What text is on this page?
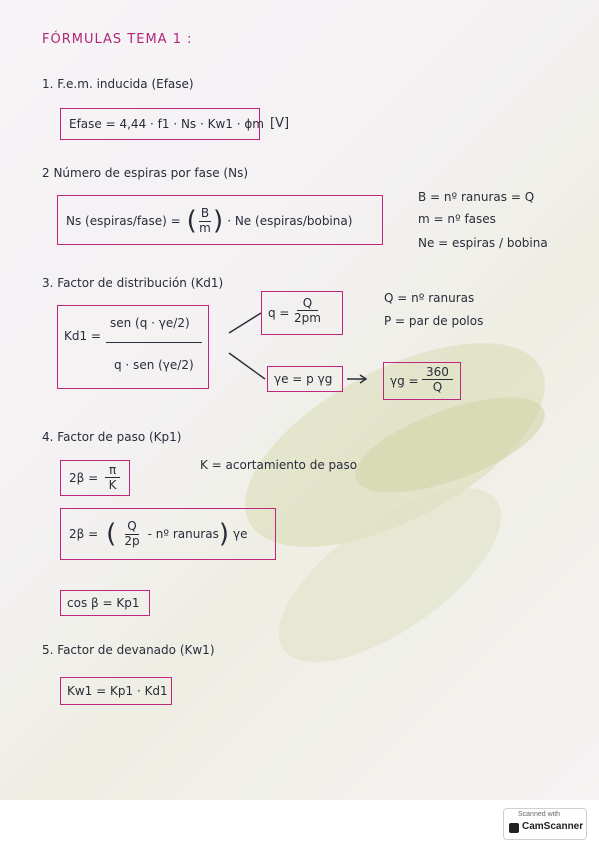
FÓRMULAS TEMA 1 :
1. F.e.m. inducida (Efase)
Efase = 4,44 · f1 · Ns · Kw1 · ϕm [V]
2 Número de espiras por fase (Ns)
Ns (espiras/fase) = ( $\frac{B}{m}$ ) · Ne (espiras/bobina)
B = nº ranuras = Q
m = nº fases
Ne = espiras / bobina
3. Factor de distribución (Kd1)
Kd1 =
sen (q · γe/2)
q · sen (γe/2)
$q = \frac{Q}{2pm}$	Q = nº ranuras
P = par de polos
γe = p γg	$\gamma g = \frac{360}{Q}$
4. Factor de paso (Kp1)
$2\beta = \frac{\pi}{K}$	K = acortamiento de paso
2β = ( $\frac{Q}{2p}$ - nº ranuras ) γe
cos β = Kp1
5. Factor de devanado (Kw1)
Kw1 = Kp1 · Kd1
Scanned with
CamScanner
